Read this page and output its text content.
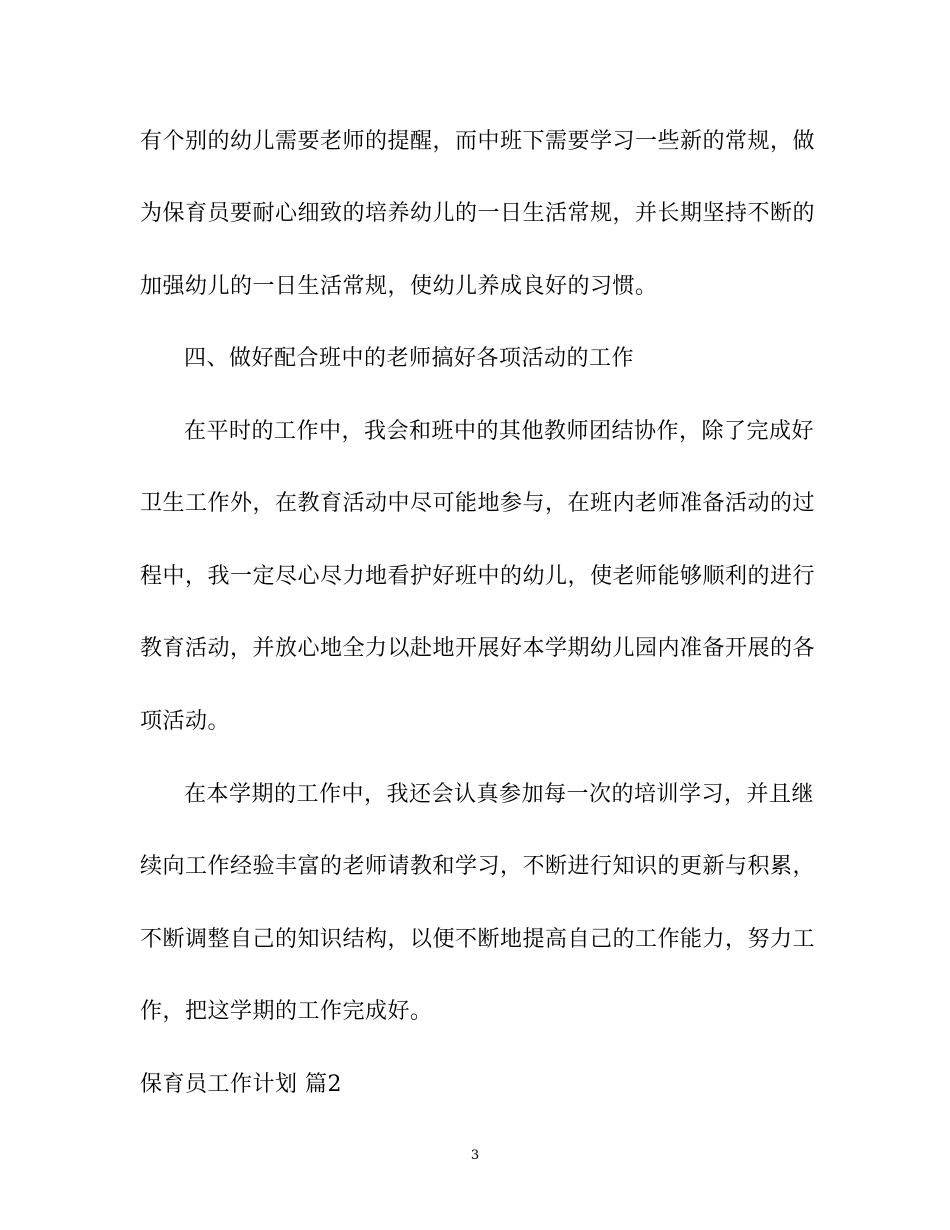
有个别的幼儿需要老师的提醒，而中班下需要学习一些新的常规，做
为保育员要耐心细致的培养幼儿的一日生活常规，并长期坚持不断的
加强幼儿的一日生活常规，使幼儿养成良好的习惯。
四、做好配合班中的老师搞好各项活动的工作
在平时的工作中，我会和班中的其他教师团结协作，除了完成好
卫生工作外，在教育活动中尽可能地参与，在班内老师准备活动的过
程中，我一定尽心尽力地看护好班中的幼儿，使老师能够顺利的进行
教育活动，并放心地全力以赴地开展好本学期幼儿园内准备开展的各
项活动。
在本学期的工作中，我还会认真参加每一次的培训学习，并且继
续向工作经验丰富的老师请教和学习，不断进行知识的更新与积累，
不断调整自己的知识结构，以便不断地提高自己的工作能力，努力工
作，把这学期的工作完成好。
保育员工作计划 篇2
3
